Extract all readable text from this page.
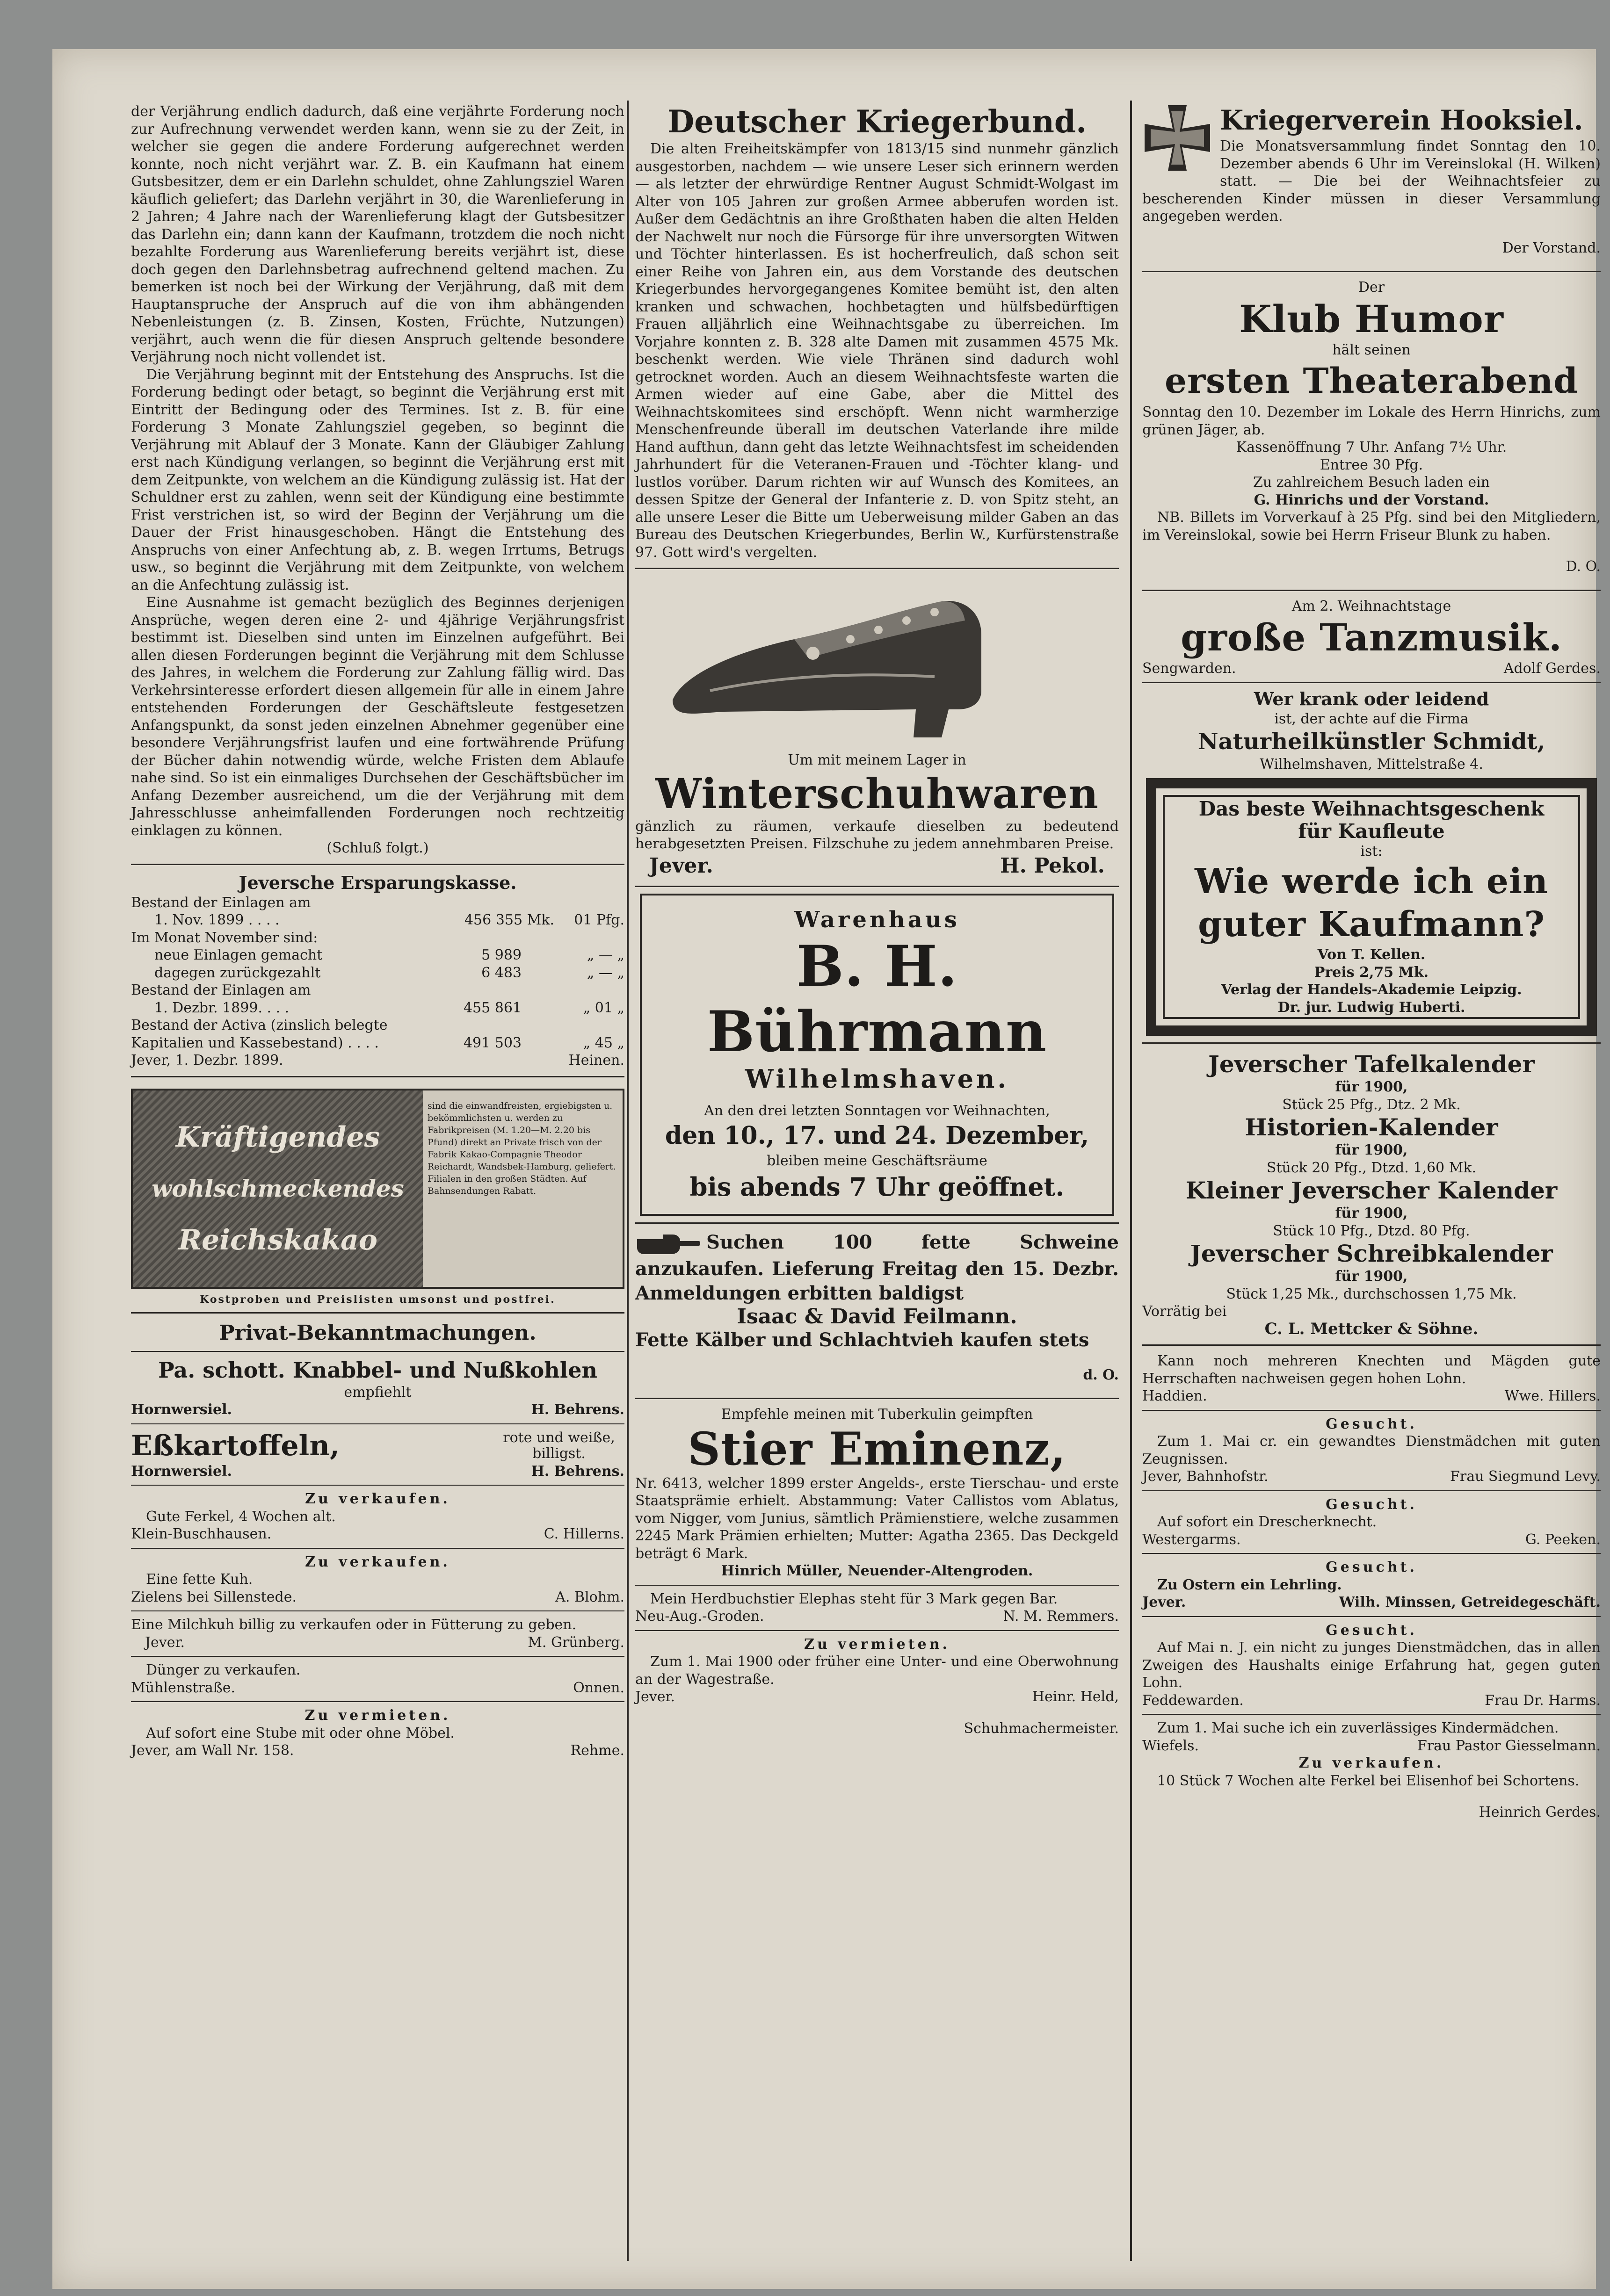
der Verjährung endlich dadurch, daß eine verjährte Forderung noch zur Aufrechnung verwendet werden kann, wenn sie zu der Zeit, in welcher sie gegen die andere Forderung aufgerechnet werden konnte, noch nicht verjährt war. Z. B. ein Kaufmann hat einem Gutsbesitzer, dem er ein Darlehn schuldet, ohne Zahlungsziel Waren käuflich geliefert; das Darlehn verjährt in 30, die Warenlieferung in 2 Jahren; 4 Jahre nach der Warenlieferung klagt der Gutsbesitzer das Darlehn ein; dann kann der Kaufmann, trotzdem die noch nicht bezahlte Forderung aus Warenlieferung bereits verjährt ist, diese doch gegen den Darlehnsbetrag aufrechnend geltend machen. Zu bemerken ist noch bei der Wirkung der Verjährung, daß mit dem Hauptanspruche der Anspruch auf die von ihm abhängenden Nebenleistungen (z. B. Zinsen, Kosten, Früchte, Nutzungen) verjährt, auch wenn die für diesen Anspruch geltende besondere Verjährung noch nicht vollendet ist.

Die Verjährung beginnt mit der Entstehung des Anspruchs. Ist die Forderung bedingt oder betagt, so beginnt die Verjährung erst mit Eintritt der Bedingung oder des Termines. Ist z. B. für eine Forderung 3 Monate Zahlungsziel gegeben, so beginnt die Verjährung mit Ablauf der 3 Monate. Kann der Gläubiger Zahlung erst nach Kündigung verlangen, so beginnt die Verjährung erst mit dem Zeitpunkte, von welchem an die Kündigung zulässig ist. Hat der Schuldner erst zu zahlen, wenn seit der Kündigung eine bestimmte Frist verstrichen ist, so wird der Beginn der Verjährung um die Dauer der Frist hinausgeschoben. Hängt die Entstehung des Anspruchs von einer Anfechtung ab, z. B. wegen Irrtums, Betrugs usw., so beginnt die Verjährung mit dem Zeitpunkte, von welchem an die Anfechtung zulässig ist.

Eine Ausnahme ist gemacht bezüglich des Beginnes derjenigen Ansprüche, wegen deren eine 2- und 4jährige Verjährungsfrist bestimmt ist. Dieselben sind unten im Einzelnen aufgeführt. Bei allen diesen Forderungen beginnt die Verjährung mit dem Schlusse des Jahres, in welchem die Forderung zur Zahlung fällig wird. Das Verkehrsinteresse erfordert diesen allgemein für alle in einem Jahre entstehenden Forderungen der Geschäftsleute festgesetzen Anfangspunkt, da sonst jeden einzelnen Abnehmer gegenüber eine besondere Verjährungsfrist laufen und eine fortwährende Prüfung der Bücher dahin notwendig würde, welche Fristen dem Ablaufe nahe sind. So ist ein einmaliges Durchsehen der Geschäftsbücher im Anfang Dezember ausreichend, um die der Verjährung mit dem Jahresschlusse anheimfallenden Forderungen noch rechtzeitig einklagen zu können.

(Schluß folgt.)

Jeversche Ersparungskasse.

Bestand der Einlagen am
1. Nov. 1899 . . . .	456 355 Mk.	01 Pfg.
Im Monat November sind:
neue Einlagen gemacht	5 989	„ — „
dagegen zurückgezahlt	6 483	„ — „
Bestand der Einlagen am
1. Dezbr. 1899. . . .	455 861	„ 01 „
Bestand der Activa (zinslich belegte Kapitalien und Kassebestand) . . . .	491 503	„ 45 „
Jever, 1. Dezbr. 1899.	Heinen.
Kräftigendes
wohlschmeckendes
Reichskakao
sind die einwandfreisten, ergiebigsten u. bekömmlichsten u. werden zu Fabrikpreisen (M. 1.20—M. 2.20 bis Pfund) direkt an Private frisch von der Fabrik Kakao-Compagnie Theodor Reichardt, Wandsbek-Hamburg, geliefert. Filialen in den großen Städten. Auf Bahnsendungen Rabatt.
Kostproben und Preislisten umsonst und postfrei.

Privat-Bekanntmachungen.

Pa. schott. Knabbel- und Nußkohlen

empfiehlt

Hornwersiel.	H. Behrens.
Eßkartoffeln,	rote und weiße, billigst.
Hornwersiel.	H. Behrens.

Zu verkaufen.

Gute Ferkel, 4 Wochen alt.

Klein-Buschhausen.	C. Hillerns.

Zu verkaufen.

Eine fette Kuh.

Zielens bei Sillenstede.	A. Blohm.

Eine Milchkuh billig zu verkaufen oder in Fütterung zu geben.

Jever.	M. Grünberg.

Dünger zu verkaufen.

Mühlenstraße.	Onnen.

Zu vermieten.

Auf sofort eine Stube mit oder ohne Möbel.

Jever, am Wall Nr. 158.	Rehme.

Deutscher Kriegerbund.

Die alten Freiheitskämpfer von 1813/15 sind nunmehr gänzlich ausgestorben, nachdem — wie unsere Leser sich erinnern werden — als letzter der ehrwürdige Rentner August Schmidt-Wolgast im Alter von 105 Jahren zur großen Armee abberufen worden ist. Außer dem Gedächtnis an ihre Großthaten haben die alten Helden der Nachwelt nur noch die Fürsorge für ihre unversorgten Witwen und Töchter hinterlassen. Es ist hocherfreulich, daß schon seit einer Reihe von Jahren ein, aus dem Vorstande des deutschen Kriegerbundes hervorgegangenes Komitee bemüht ist, den alten kranken und schwachen, hochbetagten und hülfsbedürftigen Frauen alljährlich eine Weihnachtsgabe zu überreichen. Im Vorjahre konnten z. B. 328 alte Damen mit zusammen 4575 Mk. beschenkt werden. Wie viele Thränen sind dadurch wohl getrocknet worden. Auch an diesem Weihnachtsfeste warten die Armen wieder auf eine Gabe, aber die Mittel des Weihnachtskomitees sind erschöpft. Wenn nicht warmherzige Menschenfreunde überall im deutschen Vaterlande ihre milde Hand aufthun, dann geht das letzte Weihnachtsfest im scheidenden Jahrhundert für die Veteranen-Frauen und -Töchter klang- und lustlos vorüber. Darum richten wir auf Wunsch des Komitees, an dessen Spitze der General der Infanterie z. D. von Spitz steht, an alle unsere Leser die Bitte um Ueberweisung milder Gaben an das Bureau des Deutschen Kriegerbundes, Berlin W., Kurfürstenstraße 97. Gott wird's vergelten.

Um mit meinem Lager in

Winterschuhwaren

gänzlich zu räumen, verkaufe dieselben zu bedeutend herabgesetzten Preisen. Filzschuhe zu jedem annehmbaren Preise.

Jever.	H. Pekol.

Warenhaus

B. H. Bührmann

Wilhelmshaven.

An den drei letzten Sonntagen vor Weihnachten,

den 10., 17. und 24. Dezember,

bleiben meine Geschäftsräume

bis abends 7 Uhr geöffnet.

Suchen 100 fette Schweine anzukaufen. Lieferung Freitag den 15. Dezbr. Anmeldungen erbitten baldigst

Isaac & David Feilmann.

Fette Kälber und Schlachtvieh kaufen stets

d. O.

Empfehle meinen mit Tuberkulin geimpften

Stier Eminenz,

Nr. 6413, welcher 1899 erster Angelds-, erste Tierschau- und erste Staatsprämie erhielt. Abstammung: Vater Callistos vom Ablatus, vom Nigger, vom Junius, sämtlich Prämienstiere, welche zusammen 2245 Mark Prämien erhielten; Mutter: Agatha 2365. Das Deckgeld beträgt 6 Mark.

Hinrich Müller, Neuender-Altengroden.

Mein Herdbuchstier Elephas steht für 3 Mark gegen Bar.

Neu-Aug.-Groden.	N. M. Remmers.

Zu vermieten.

Zum 1. Mai 1900 oder früher eine Unter- und eine Oberwohnung an der Wagestraße.

Jever.	Heinr. Held,

Schuhmachermeister.

Kriegerverein Hooksiel.

Die Monatsversammlung findet Sonntag den 10. Dezember abends 6 Uhr im Vereinslokal (H. Wilken) statt. — Die bei der Weihnachtsfeier zu bescherenden Kinder müssen in dieser Versammlung angegeben werden.

Der Vorstand.

Der

Klub Humor

hält seinen

ersten Theaterabend

Sonntag den 10. Dezember im Lokale des Herrn Hinrichs, zum grünen Jäger, ab.

Kassenöffnung 7 Uhr. Anfang 7½ Uhr.

Entree 30 Pfg.

Zu zahlreichem Besuch laden ein

G. Hinrichs und der Vorstand.

NB. Billets im Vorverkauf à 25 Pfg. sind bei den Mitgliedern, im Vereinslokal, sowie bei Herrn Friseur Blunk zu haben.

D. O.

Am 2. Weihnachtstage

große Tanzmusik.

Sengwarden.	Adolf Gerdes.

Wer krank oder leidend

ist, der achte auf die Firma

Naturheilkünstler Schmidt,

Wilhelmshaven, Mittelstraße 4.

Das beste Weihnachtsgeschenk

für Kaufleute

ist:

Wie werde ich ein

guter Kaufmann?

Von T. Kellen.

Preis 2,75 Mk.

Verlag der Handels-Akademie Leipzig.

Dr. jur. Ludwig Huberti.

Jeverscher Tafelkalender

für 1900,

Stück 25 Pfg., Dtz. 2 Mk.

Historien-Kalender

für 1900,

Stück 20 Pfg., Dtzd. 1,60 Mk.

Kleiner Jeverscher Kalender

für 1900,

Stück 10 Pfg., Dtzd. 80 Pfg.

Jeverscher Schreibkalender

für 1900,

Stück 1,25 Mk., durchschossen 1,75 Mk.

Vorrätig bei

C. L. Mettcker & Söhne.

Kann noch mehreren Knechten und Mägden gute Herrschaften nachweisen gegen hohen Lohn.

Haddien.	Wwe. Hillers.

Gesucht.

Zum 1. Mai cr. ein gewandtes Dienstmädchen mit guten Zeugnissen.

Jever, Bahnhofstr.	Frau Siegmund Levy.

Gesucht.

Auf sofort ein Drescherknecht.

Westergarms.	G. Peeken.

Gesucht.

Zu Ostern ein Lehrling.

Jever.	Wilh. Minssen, Getreidegeschäft.

Gesucht.

Auf Mai n. J. ein nicht zu junges Dienstmädchen, das in allen Zweigen des Haushalts einige Erfahrung hat, gegen guten Lohn.

Feddewarden.	Frau Dr. Harms.

Zum 1. Mai suche ich ein zuverlässiges Kindermädchen.

Wiefels.	Frau Pastor Giesselmann.

Zu verkaufen.

10 Stück 7 Wochen alte Ferkel bei Elisenhof bei Schortens.

Heinrich Gerdes.
